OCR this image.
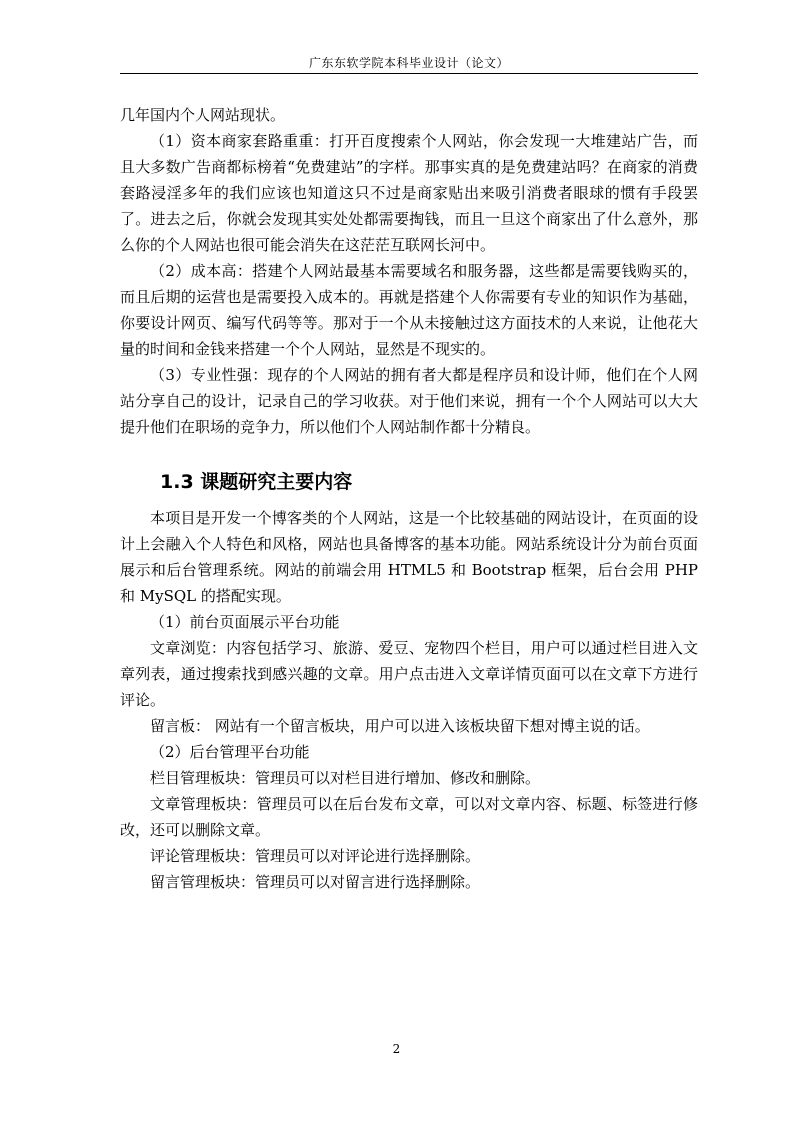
广东东软学院本科毕业设计（论文）

几年国内个人网站现状。

（1）资本商家套路重重：打开百度搜索个人网站，你会发现一大堆建站广告，而且大多数广告商都标榜着“免费建站”的字样。那事实真的是免费建站吗？在商家的消费套路浸淫多年的我们应该也知道这只不过是商家贴出来吸引消费者眼球的惯有手段罢了。进去之后，你就会发现其实处处都需要掏钱，而且一旦这个商家出了什么意外，那么你的个人网站也很可能会消失在这茫茫互联网长河中。

（2）成本高：搭建个人网站最基本需要域名和服务器，这些都是需要钱购买的，而且后期的运营也是需要投入成本的。再就是搭建个人你需要有专业的知识作为基础，你要设计网页、编写代码等等。那对于一个从未接触过这方面技术的人来说，让他花大量的时间和金钱来搭建一个个人网站，显然是不现实的。

（3）专业性强：现存的个人网站的拥有者大都是程序员和设计师，他们在个人网站分享自己的设计，记录自己的学习收获。对于他们来说，拥有一个个人网站可以大大提升他们在职场的竞争力，所以他们个人网站制作都十分精良。

1.3 课题研究主要内容

本项目是开发一个博客类的个人网站，这是一个比较基础的网站设计，在页面的设计上会融入个人特色和风格，网站也具备博客的基本功能。网站系统设计分为前台页面展示和后台管理系统。网站的前端会用 HTML5 和 Bootstrap 框架，后台会用 PHP 和 MySQL 的搭配实现。

（1）前台页面展示平台功能

文章浏览：内容包括学习、旅游、爱豆、宠物四个栏目，用户可以通过栏目进入文章列表，通过搜索找到感兴趣的文章。用户点击进入文章详情页面可以在文章下方进行评论。

留言板： 网站有一个留言板块，用户可以进入该板块留下想对博主说的话。

（2）后台管理平台功能

栏目管理板块：管理员可以对栏目进行增加、修改和删除。

文章管理板块：管理员可以在后台发布文章，可以对文章内容、标题、标签进行修改，还可以删除文章。

评论管理板块：管理员可以对评论进行选择删除。

留言管理板块：管理员可以对留言进行选择删除。

2
